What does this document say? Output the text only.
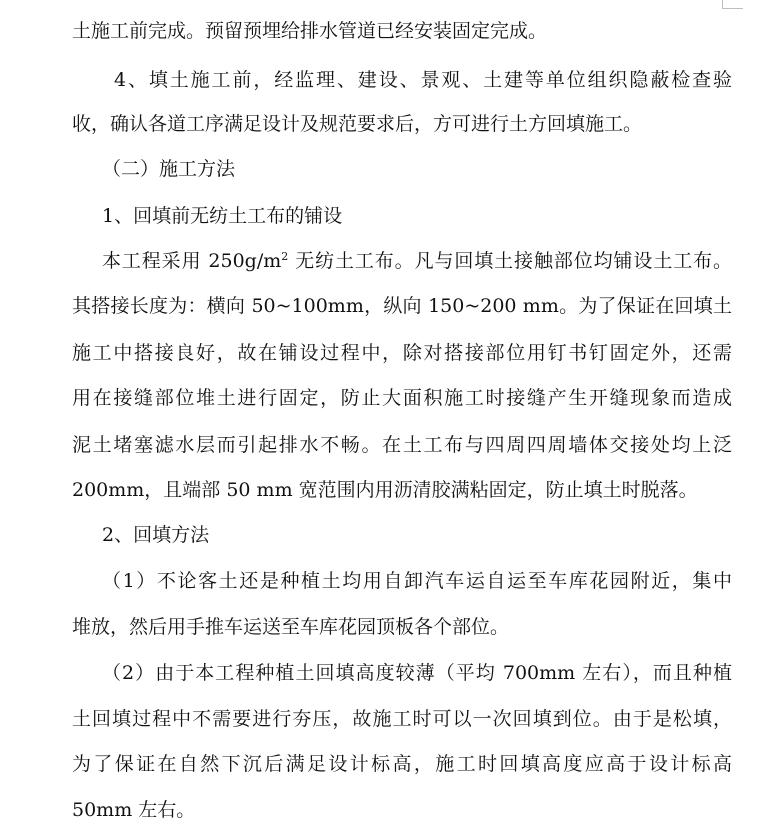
土施工前完成。预留预埋给排水管道已经安装固定完成。
4、填土施工前，经监理、建设、景观、土建等单位组织隐蔽检查验
收，确认各道工序满足设计及规范要求后，方可进行土方回填施工。
（二）施工方法
1、回填前无纺土工布的铺设
本工程采用 $250g/m^2$ 无纺土工布。凡与回填土接触部位均铺设土工布。
其搭接长度为：横向 50~100mm，纵向 150~200 mm。为了保证在回填土
施工中搭接良好，故在铺设过程中，除对搭接部位用钉书钉固定外，还需
用在接缝部位堆土进行固定，防止大面积施工时接缝产生开缝现象而造成
泥土堵塞滤水层而引起排水不畅。在土工布与四周四周墙体交接处均上泛
200mm，且端部 50 mm 宽范围内用沥清胶满粘固定，防止填土时脱落。
2、回填方法
（1）不论客土还是种植土均用自卸汽车运自运至车库花园附近，集中
堆放，然后用手推车运送至车库花园顶板各个部位。
（2）由于本工程种植土回填高度较薄（平均 700mm 左右），而且种植
土回填过程中不需要进行夯压，故施工时可以一次回填到位。由于是松填，
为了保证在自然下沉后满足设计标高，施工时回填高度应高于设计标高
50mm 左右。
